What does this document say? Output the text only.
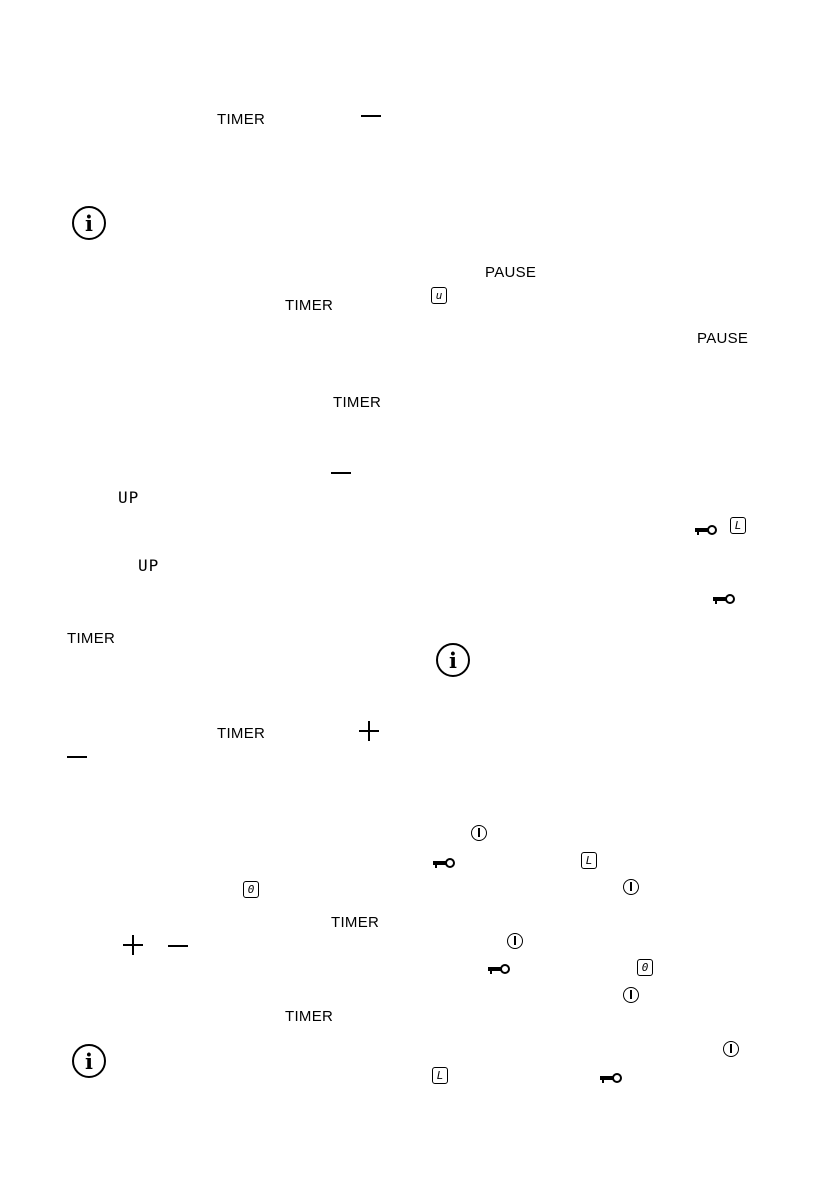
TIMER
i
TIMER
TIMER
UP
UP
TIMER
TIMER
0
TIMER
TIMER
i
PAUSE
u
PAUSE
L
i
L
0
L
